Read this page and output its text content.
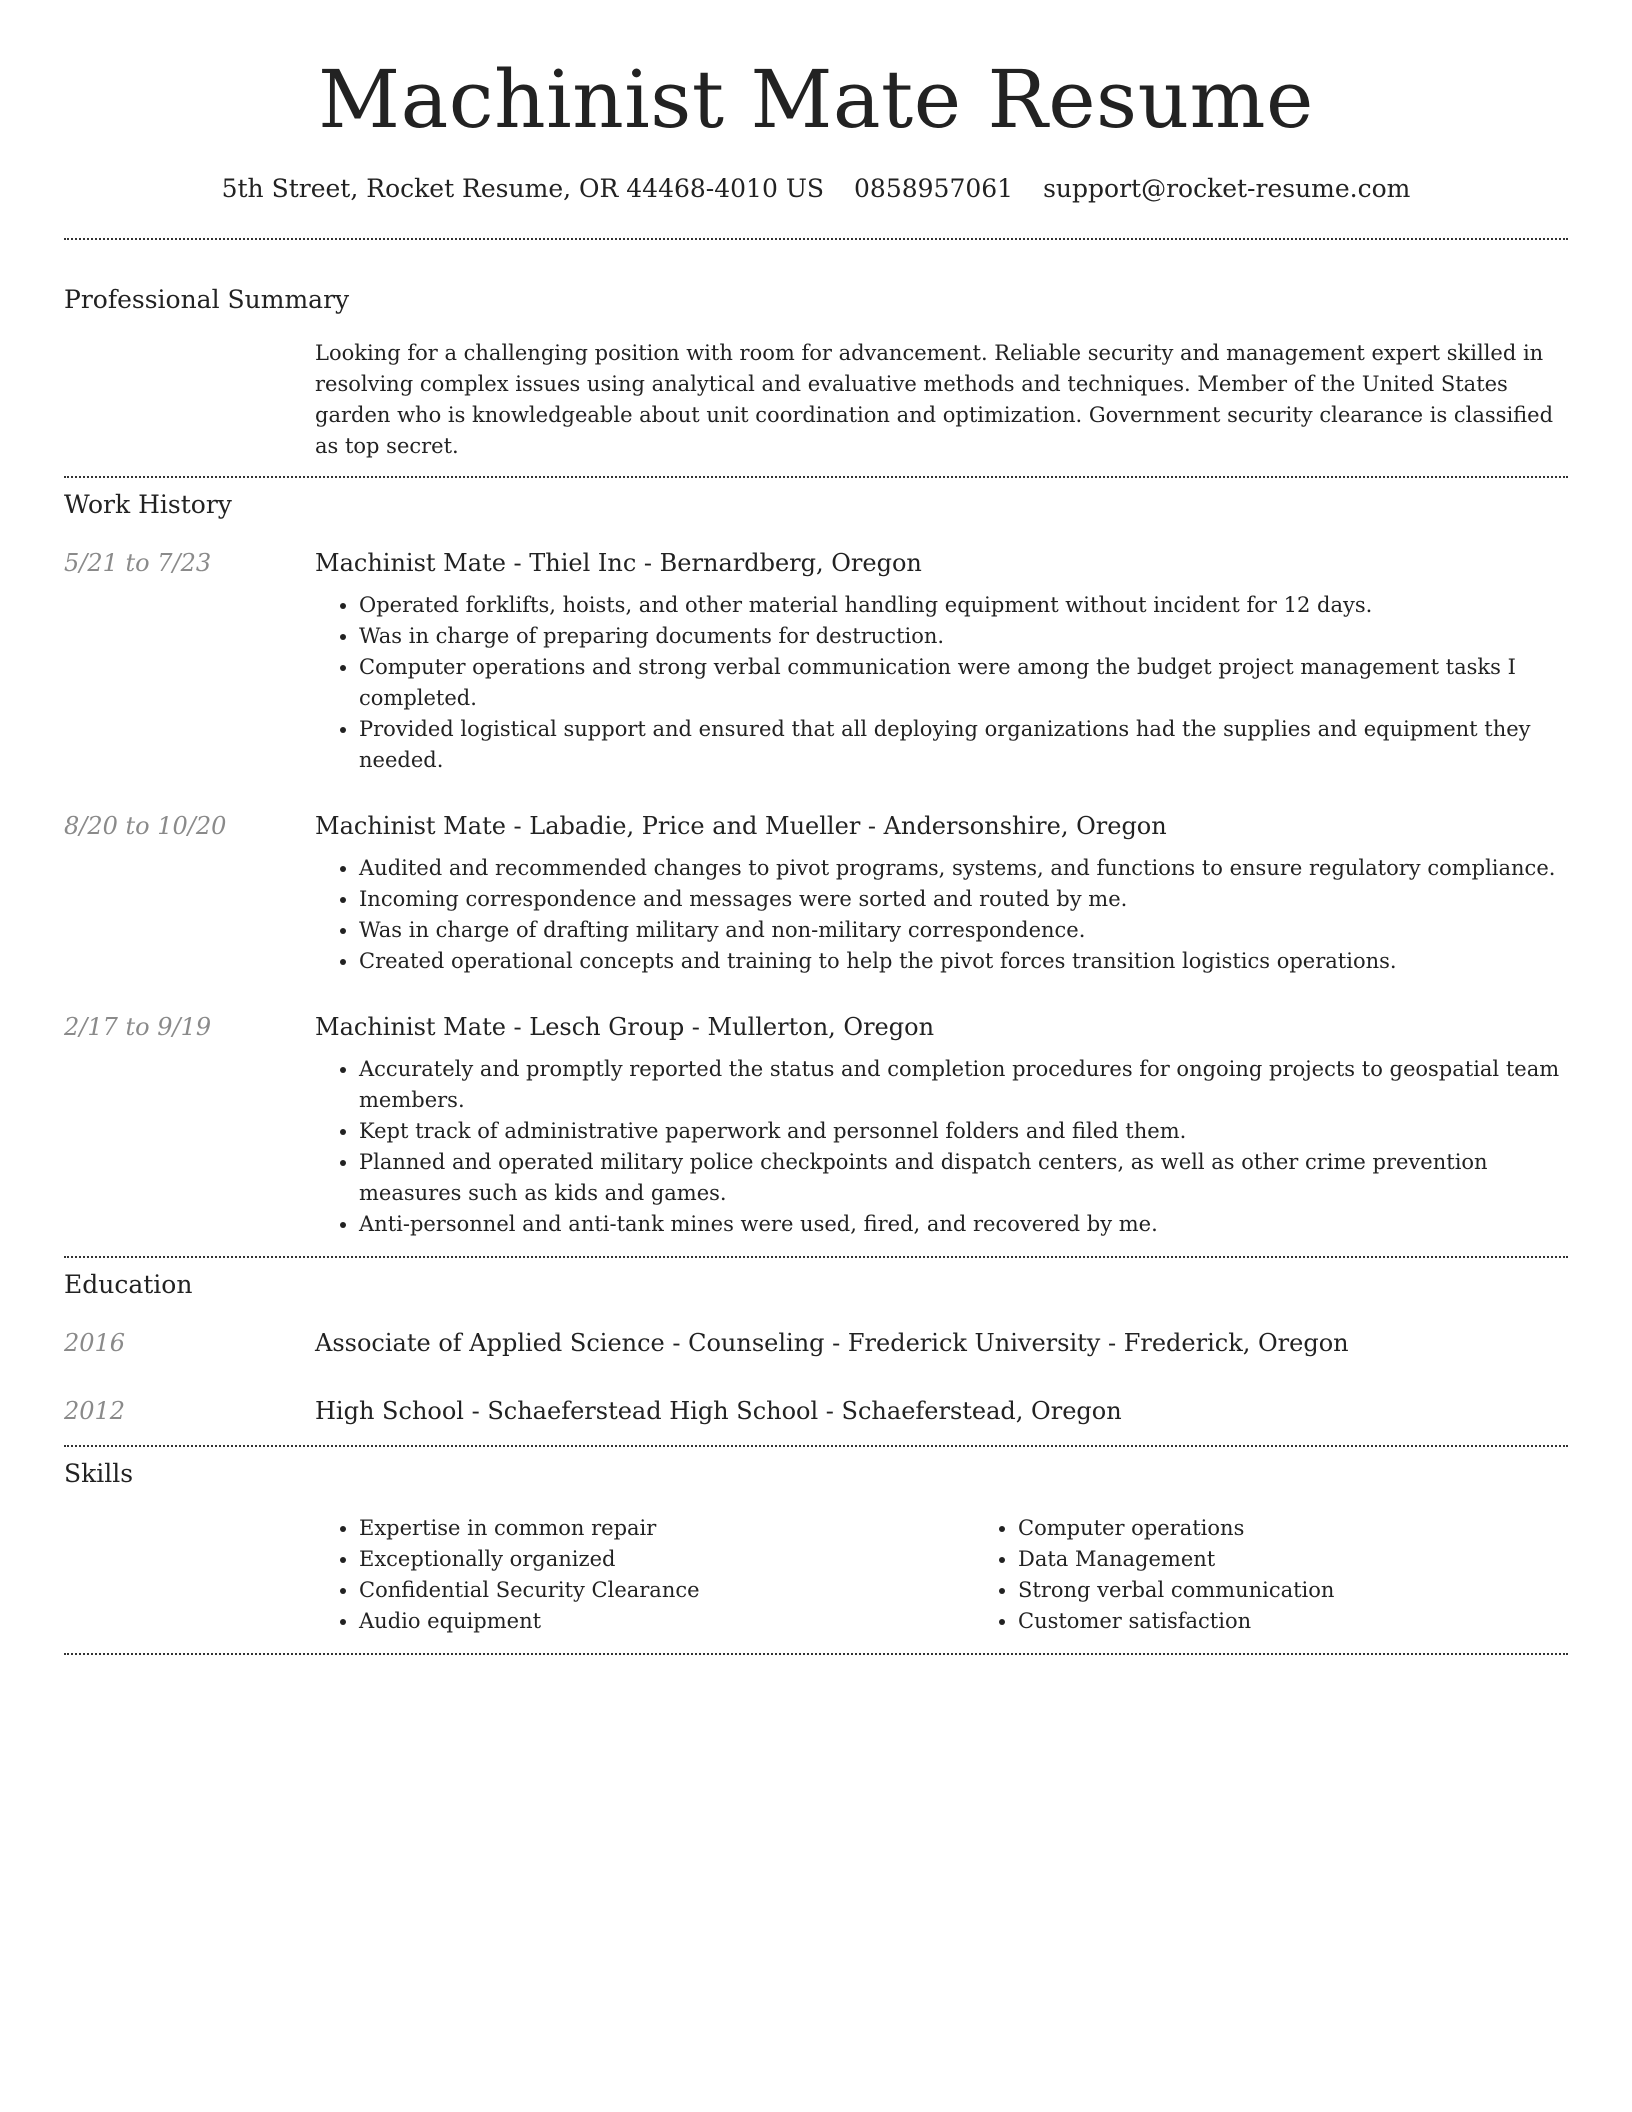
Machinist Mate Resume
5th Street, Rocket Resume, OR 44468-4010 US 0858957061 support@rocket-resume.com
Professional Summary

Looking for a challenging position with room for advancement. Reliable security and management expert skilled in resolving complex issues using analytical and evaluative methods and techniques. Member of the United States garden who is knowledgeable about unit coordination and optimization. Government security clearance is classified as top secret.

Work History
5/21 to 7/23	Machinist Mate - Thiel Inc - Bernardberg, Oregon
• Operated forklifts, hoists, and other material handling equipment without incident for 12 days.
• Was in charge of preparing documents for destruction.
• Computer operations and strong verbal communication were among the budget project management tasks I completed.
• Provided logistical support and ensured that all deploying organizations had the supplies and equipment they needed.
8/20 to 10/20	Machinist Mate - Labadie, Price and Mueller - Andersonshire, Oregon
• Audited and recommended changes to pivot programs, systems, and functions to ensure regulatory compliance.
• Incoming correspondence and messages were sorted and routed by me.
• Was in charge of drafting military and non-military correspondence.
• Created operational concepts and training to help the pivot forces transition logistics operations.
2/17 to 9/19	Machinist Mate - Lesch Group - Mullerton, Oregon
• Accurately and promptly reported the status and completion procedures for ongoing projects to geospatial team members.
• Kept track of administrative paperwork and personnel folders and filed them.
• Planned and operated military police checkpoints and dispatch centers, as well as other crime prevention measures such as kids and games.
• Anti-personnel and anti-tank mines were used, fired, and recovered by me.
Education
2016	Associate of Applied Science - Counseling - Frederick University - Frederick, Oregon
2012	High School - Schaeferstead High School - Schaeferstead, Oregon
Skills
• Expertise in common repair
• Exceptionally organized
• Confidential Security Clearance
• Audio equipment
• Computer operations
• Data Management
• Strong verbal communication
• Customer satisfaction
